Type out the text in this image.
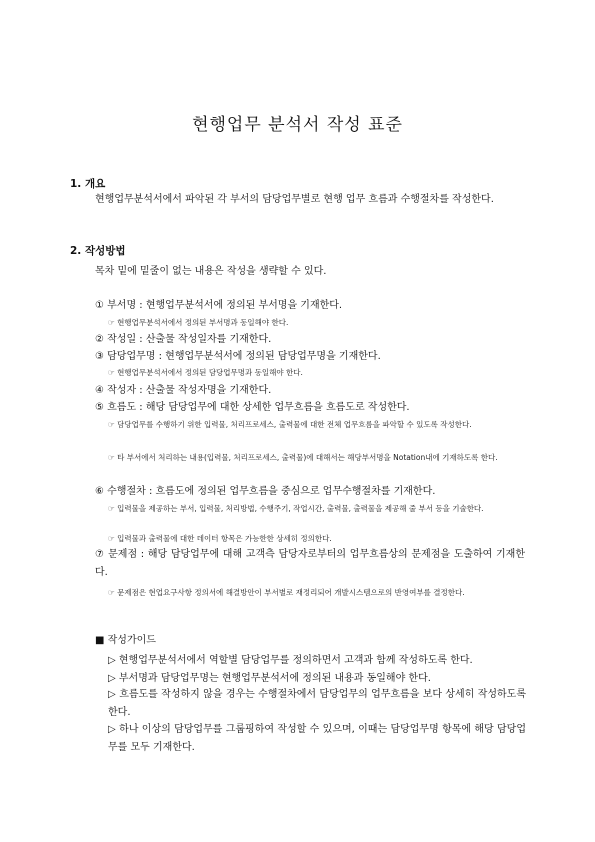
현행업무 분석서 작성 표준
1. 개요
현행업무분석서에서 파악된 각 부서의 담당업무별로 현행 업무 흐름과 수행절차를 작성한다.
2. 작성방법
목차 밑에 밑줄이 없는 내용은 작성을 생략할 수 있다.
① 부서명 : 현행업무분석서에 정의된 부서명을 기재한다.
☞ 현행업무분석서에서 정의된 부서명과 동일해야 한다.
② 작성일 : 산출물 작성일자를 기재한다.
③ 담당업무명 : 현행업무분석서에 정의된 담당업무명을 기재한다.
☞ 현행업무분석서에서 정의된 담당업무명과 동일해야 한다.
④ 작성자 : 산출물 작성자명을 기재한다.
⑤ 흐름도 : 해당 담당업무에 대한 상세한 업무흐름을 흐름도로 작성한다.
☞ 담당업무를 수행하기 위한 입력물, 처리프로세스, 출력물에 대한 전체 업무흐름을 파악할 수 있도록 작성한다.
☞ 타 부서에서 처리하는 내용(입력물, 처리프로세스, 출력물)에 대해서는 해당부서명을 Notation내에 기재하도록 한다.
⑥ 수행절차 : 흐름도에 정의된 업무흐름을 중심으로 업무수행절차를 기재한다.
☞ 입력물을 제공하는 부서, 입력물, 처리방법, 수행주기, 작업시간, 출력물, 출력물을 제공해 줄 부서 등을 기술한다.
☞ 입력물과 출력물에 대한 데이터 항목은 가능한한 상세히 정의한다.
⑦ 문제점 : 해당 담당업무에 대해 고객측 담당자로부터의 업무흐름상의 문제점을 도출하여 기재한다.
☞ 문제점은 현업요구사항 정의서에 해결방안이 부서별로 재정리되어 개발시스템으로의 반영여부를 결정한다.
■ 작성가이드
▷ 현행업무분석서에서 역할별 담당업무를 정의하면서 고객과 함께 작성하도록 한다.
▷ 부서명과 담당업무명는 현행업무분석서에 정의된 내용과 동일해야 한다.
▷ 흐름도를 작성하지 않을 경우는 수행절차에서 담당업무의 업무흐름을 보다 상세히 작성하도록 한다.
▷ 하나 이상의 담당업무를 그룹핑하여 작성할 수 있으며, 이때는 담당업무명 항목에 해당 담당업무를 모두 기재한다.
